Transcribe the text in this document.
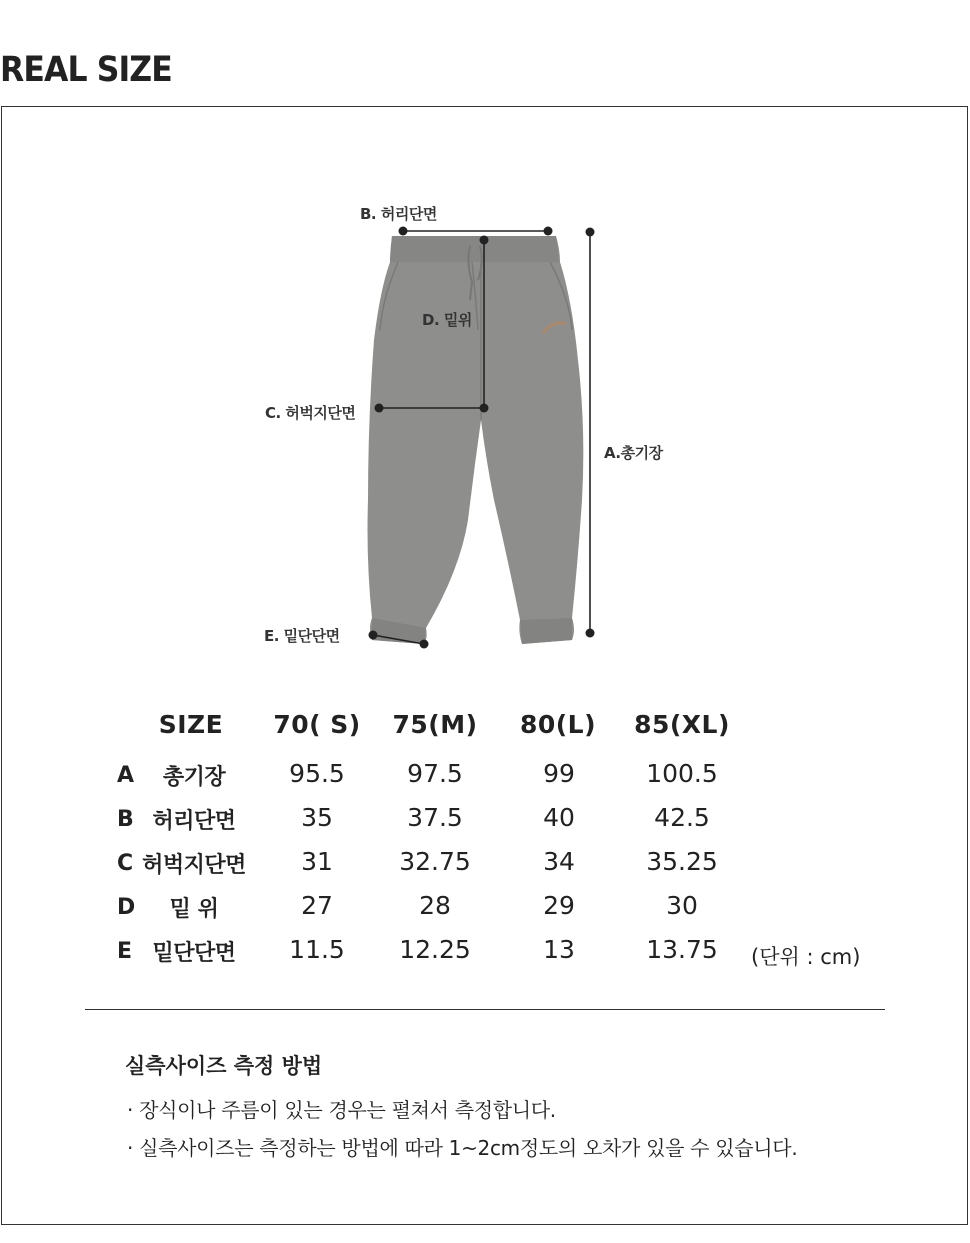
REAL SIZE
B. 허리단면
D. 밑위
C. 허벅지단면
A.총기장
E. 밑단단면
SIZE 70( S) 75(M) 80(L) 85(XL)
A 총기장	95.5 97.5	99	100.5
B 허리단면	35	37.5	40	42.5
C 허벅지단면 31	32.75	34	35.25
D 밑 위	27	28	29	30
E 밑단단면 11.5 12.25	13	13.75 (단위 : cm)
실측사이즈 측정 방법
· 장식이나 주름이 있는 경우는 펼쳐서 측정합니다.
· 실측사이즈는 측정하는 방법에 따라 1~2cm정도의 오차가 있을 수 있습니다.
